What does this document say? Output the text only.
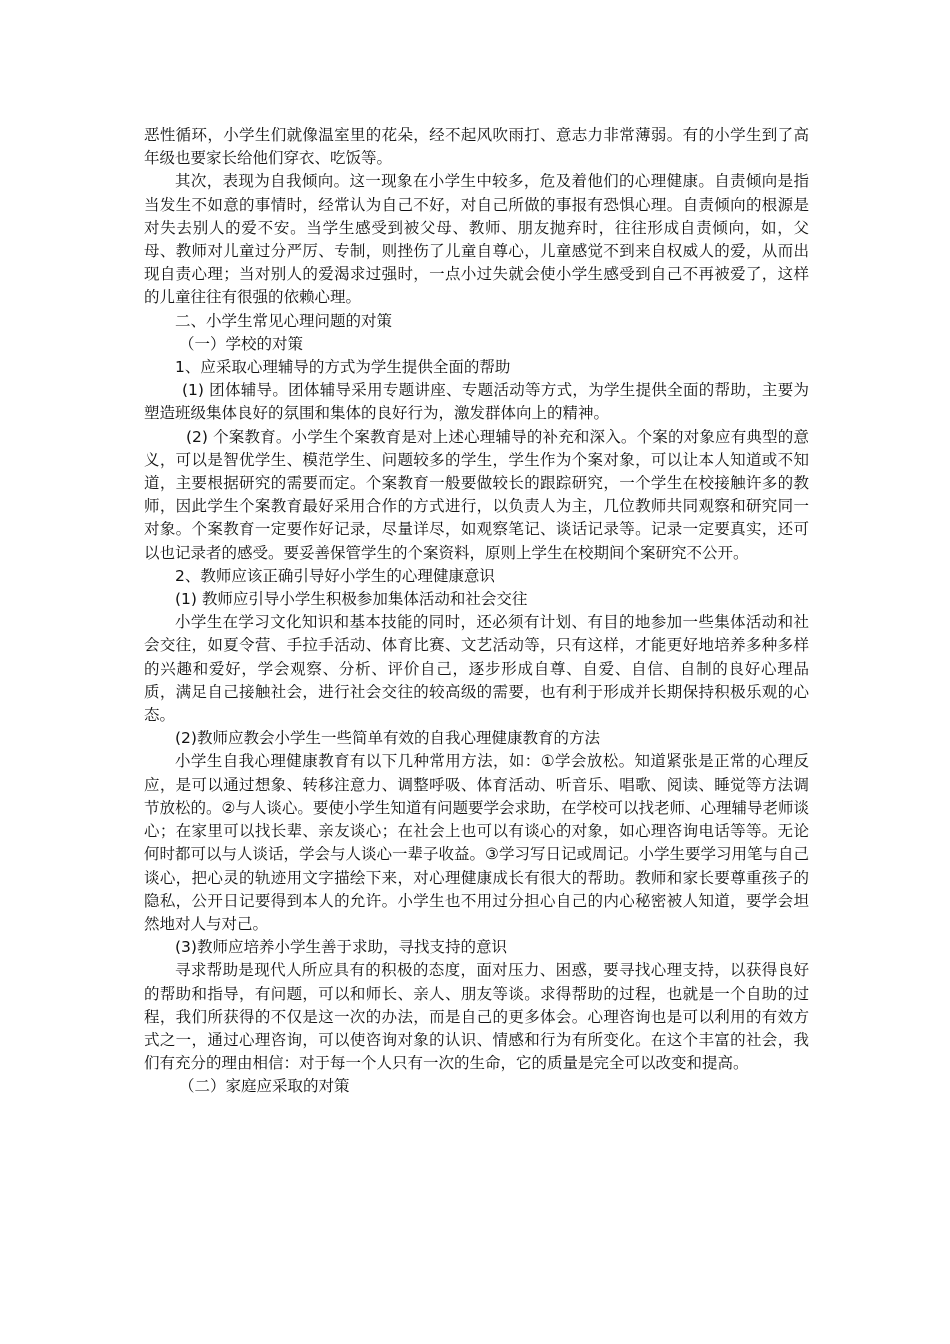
恶性循环，小学生们就像温室里的花朵，经不起风吹雨打、意志力非常薄弱。有的小学生到了高年级也要家长给他们穿衣、吃饭等。

其次，表现为自我倾向。这一现象在小学生中较多，危及着他们的心理健康。自责倾向是指当发生不如意的事情时，经常认为自己不好，对自己所做的事报有恐惧心理。自责倾向的根源是对失去别人的爱不安。当学生感受到被父母、教师、朋友抛弃时，往往形成自责倾向，如，父母、教师对儿童过分严厉、专制，则挫伤了儿童自尊心，儿童感觉不到来自权威人的爱，从而出现自责心理；当对别人的爱渴求过强时，一点小过失就会使小学生感受到自己不再被爱了，这样的儿童往往有很强的依赖心理。

二、小学生常见心理问题的对策

（一）学校的对策

1、应采取心理辅导的方式为学生提供全面的帮助

(1) 团体辅导。团体辅导采用专题讲座、专题活动等方式，为学生提供全面的帮助，主要为塑造班级集体良好的氛围和集体的良好行为，激发群体向上的精神。

(2) 个案教育。小学生个案教育是对上述心理辅导的补充和深入。个案的对象应有典型的意义，可以是智优学生、模范学生、问题较多的学生，学生作为个案对象，可以让本人知道或不知道，主要根据研究的需要而定。个案教育一般要做较长的跟踪研究，一个学生在校接触许多的教师，因此学生个案教育最好采用合作的方式进行，以负责人为主，几位教师共同观察和研究同一对象。个案教育一定要作好记录，尽量详尽，如观察笔记、谈话记录等。记录一定要真实，还可以也记录者的感受。要妥善保管学生的个案资料，原则上学生在校期间个案研究不公开。

2、教师应该正确引导好小学生的心理健康意识

(1) 教师应引导小学生积极参加集体活动和社会交往

小学生在学习文化知识和基本技能的同时，还必须有计划、有目的地参加一些集体活动和社会交往，如夏令营、手拉手活动、体育比赛、文艺活动等，只有这样，才能更好地培养多种多样的兴趣和爱好，学会观察、分析、评价自己，逐步形成自尊、自爱、自信、自制的良好心理品质，满足自己接触社会，进行社会交往的较高级的需要，也有利于形成并长期保持积极乐观的心态。

(2)教师应教会小学生一些简单有效的自我心理健康教育的方法

小学生自我心理健康教育有以下几种常用方法，如：①学会放松。知道紧张是正常的心理反应，是可以通过想象、转移注意力、调整呼吸、体育活动、听音乐、唱歌、阅读、睡觉等方法调节放松的。②与人谈心。要使小学生知道有问题要学会求助，在学校可以找老师、心理辅导老师谈心；在家里可以找长辈、亲友谈心；在社会上也可以有谈心的对象，如心理咨询电话等等。无论何时都可以与人谈话，学会与人谈心一辈子收益。③学习写日记或周记。小学生要学习用笔与自己谈心，把心灵的轨迹用文字描绘下来，对心理健康成长有很大的帮助。教师和家长要尊重孩子的隐私，公开日记要得到本人的允许。小学生也不用过分担心自己的内心秘密被人知道，要学会坦然地对人与对己。

(3)教师应培养小学生善于求助，寻找支持的意识

寻求帮助是现代人所应具有的积极的态度，面对压力、困惑，要寻找心理支持，以获得良好的帮助和指导，有问题，可以和师长、亲人、朋友等谈。求得帮助的过程，也就是一个自助的过程，我们所获得的不仅是这一次的办法，而是自己的更多体会。心理咨询也是可以利用的有效方式之一，通过心理咨询，可以使咨询对象的认识、情感和行为有所变化。在这个丰富的社会，我们有充分的理由相信：对于每一个人只有一次的生命，它的质量是完全可以改变和提高。

（二）家庭应采取的对策
